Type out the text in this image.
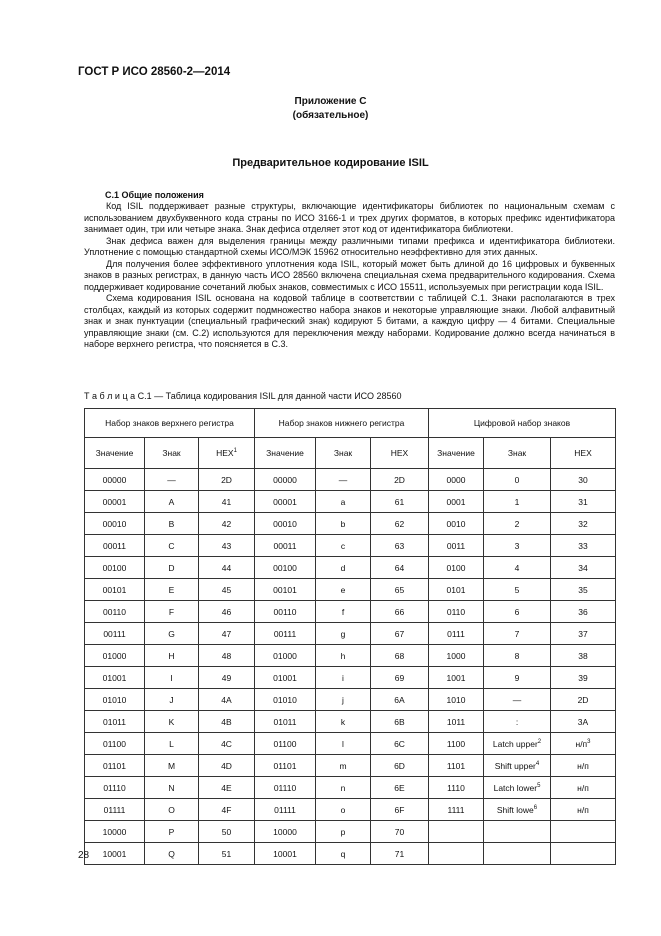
ГОСТ Р ИСО 28560-2—2014
Приложение С
(обязательное)
Предварительное кодирование ISIL
С.1 Общие положения

Код ISIL поддерживает разные структуры, включающие идентификаторы библиотек по национальным схемам с использованием двухбуквенного кода страны по ИСО 3166-1 и трех других форматов, в которых префикс идентификатора занимает один, три или четыре знака. Знак дефиса отделяет этот код от идентификатора библиотеки.

Знак дефиса важен для выделения границы между различными типами префикса и идентификатора библиотеки. Уплотнение с помощью стандартной схемы ИСО/МЭК 15962 относительно неэффективно для этих данных.

Для получения более эффективного уплотнения кода ISIL, который может быть длиной до 16 цифровых и буквенных знаков в разных регистрах, в данную часть ИСО 28560 включена специальная схема предварительного кодирования. Схема поддерживает кодирование сочетаний любых знаков, совместимых с ИСО 15511, используемых при регистрации кода ISIL.

Схема кодирования ISIL основана на кодовой таблице в соответствии с таблицей С.1. Знаки располагаются в трех столбцах, каждый из которых содержит подмножество набора знаков и некоторые управляющие знаки. Любой алфавитный знак и знак пунктуации (специальный графический знак) кодируют 5 битами, а каждую цифру — 4 битами. Специальные управляющие знаки (см. С.2) используются для переключения между наборами. Кодирование должно всегда начинаться в наборе верхнего регистра, что поясняется в С.3.

Т а б л и ц а С.1 — Таблица кодирования ISIL для данной части ИСО 28560
Набор знаков верхнего регистра			Набор знаков нижнего регистра			Цифровой набор знаков		
Значение	Знак	HEX$^1$	Значение	Знак	HEX	Значение	Знак	HEX
00000	—	2D	00000	—	2D	0000	0	30
00001	A	41	00001	a	61	0001	1	31
00010	B	42	00010	b	62	0010	2	32
00011	C	43	00011	c	63	0011	3	33
00100	D	44	00100	d	64	0100	4	34
00101	E	45	00101	e	65	0101	5	35
00110	F	46	00110	f	66	0110	6	36
00111	G	47	00111	g	67	0111	7	37
01000	H	48	01000	h	68	1000	8	38
01001	I	49	01001	i	69	1001	9	39
01010	J	4A	01010	j	6A	1010	—	2D
01011	K	4B	01011	k	6B	1011	:	3A
01100	L	4C	01100	l	6C	1100	Latch upper$^2$	$н/п^3$
01101	M	4D	01101	m	6D	1101	Shift upper$^4$	н/п
01110	N	4E	01110	n	6E	1110	Latch lower$^5$	н/п
01111	O	4F	01111	o	6F	1111	Shift lowe$^6$	н/п
10000	P	50	10000	p	70			
10001	Q	51	10001	q	71			
28
